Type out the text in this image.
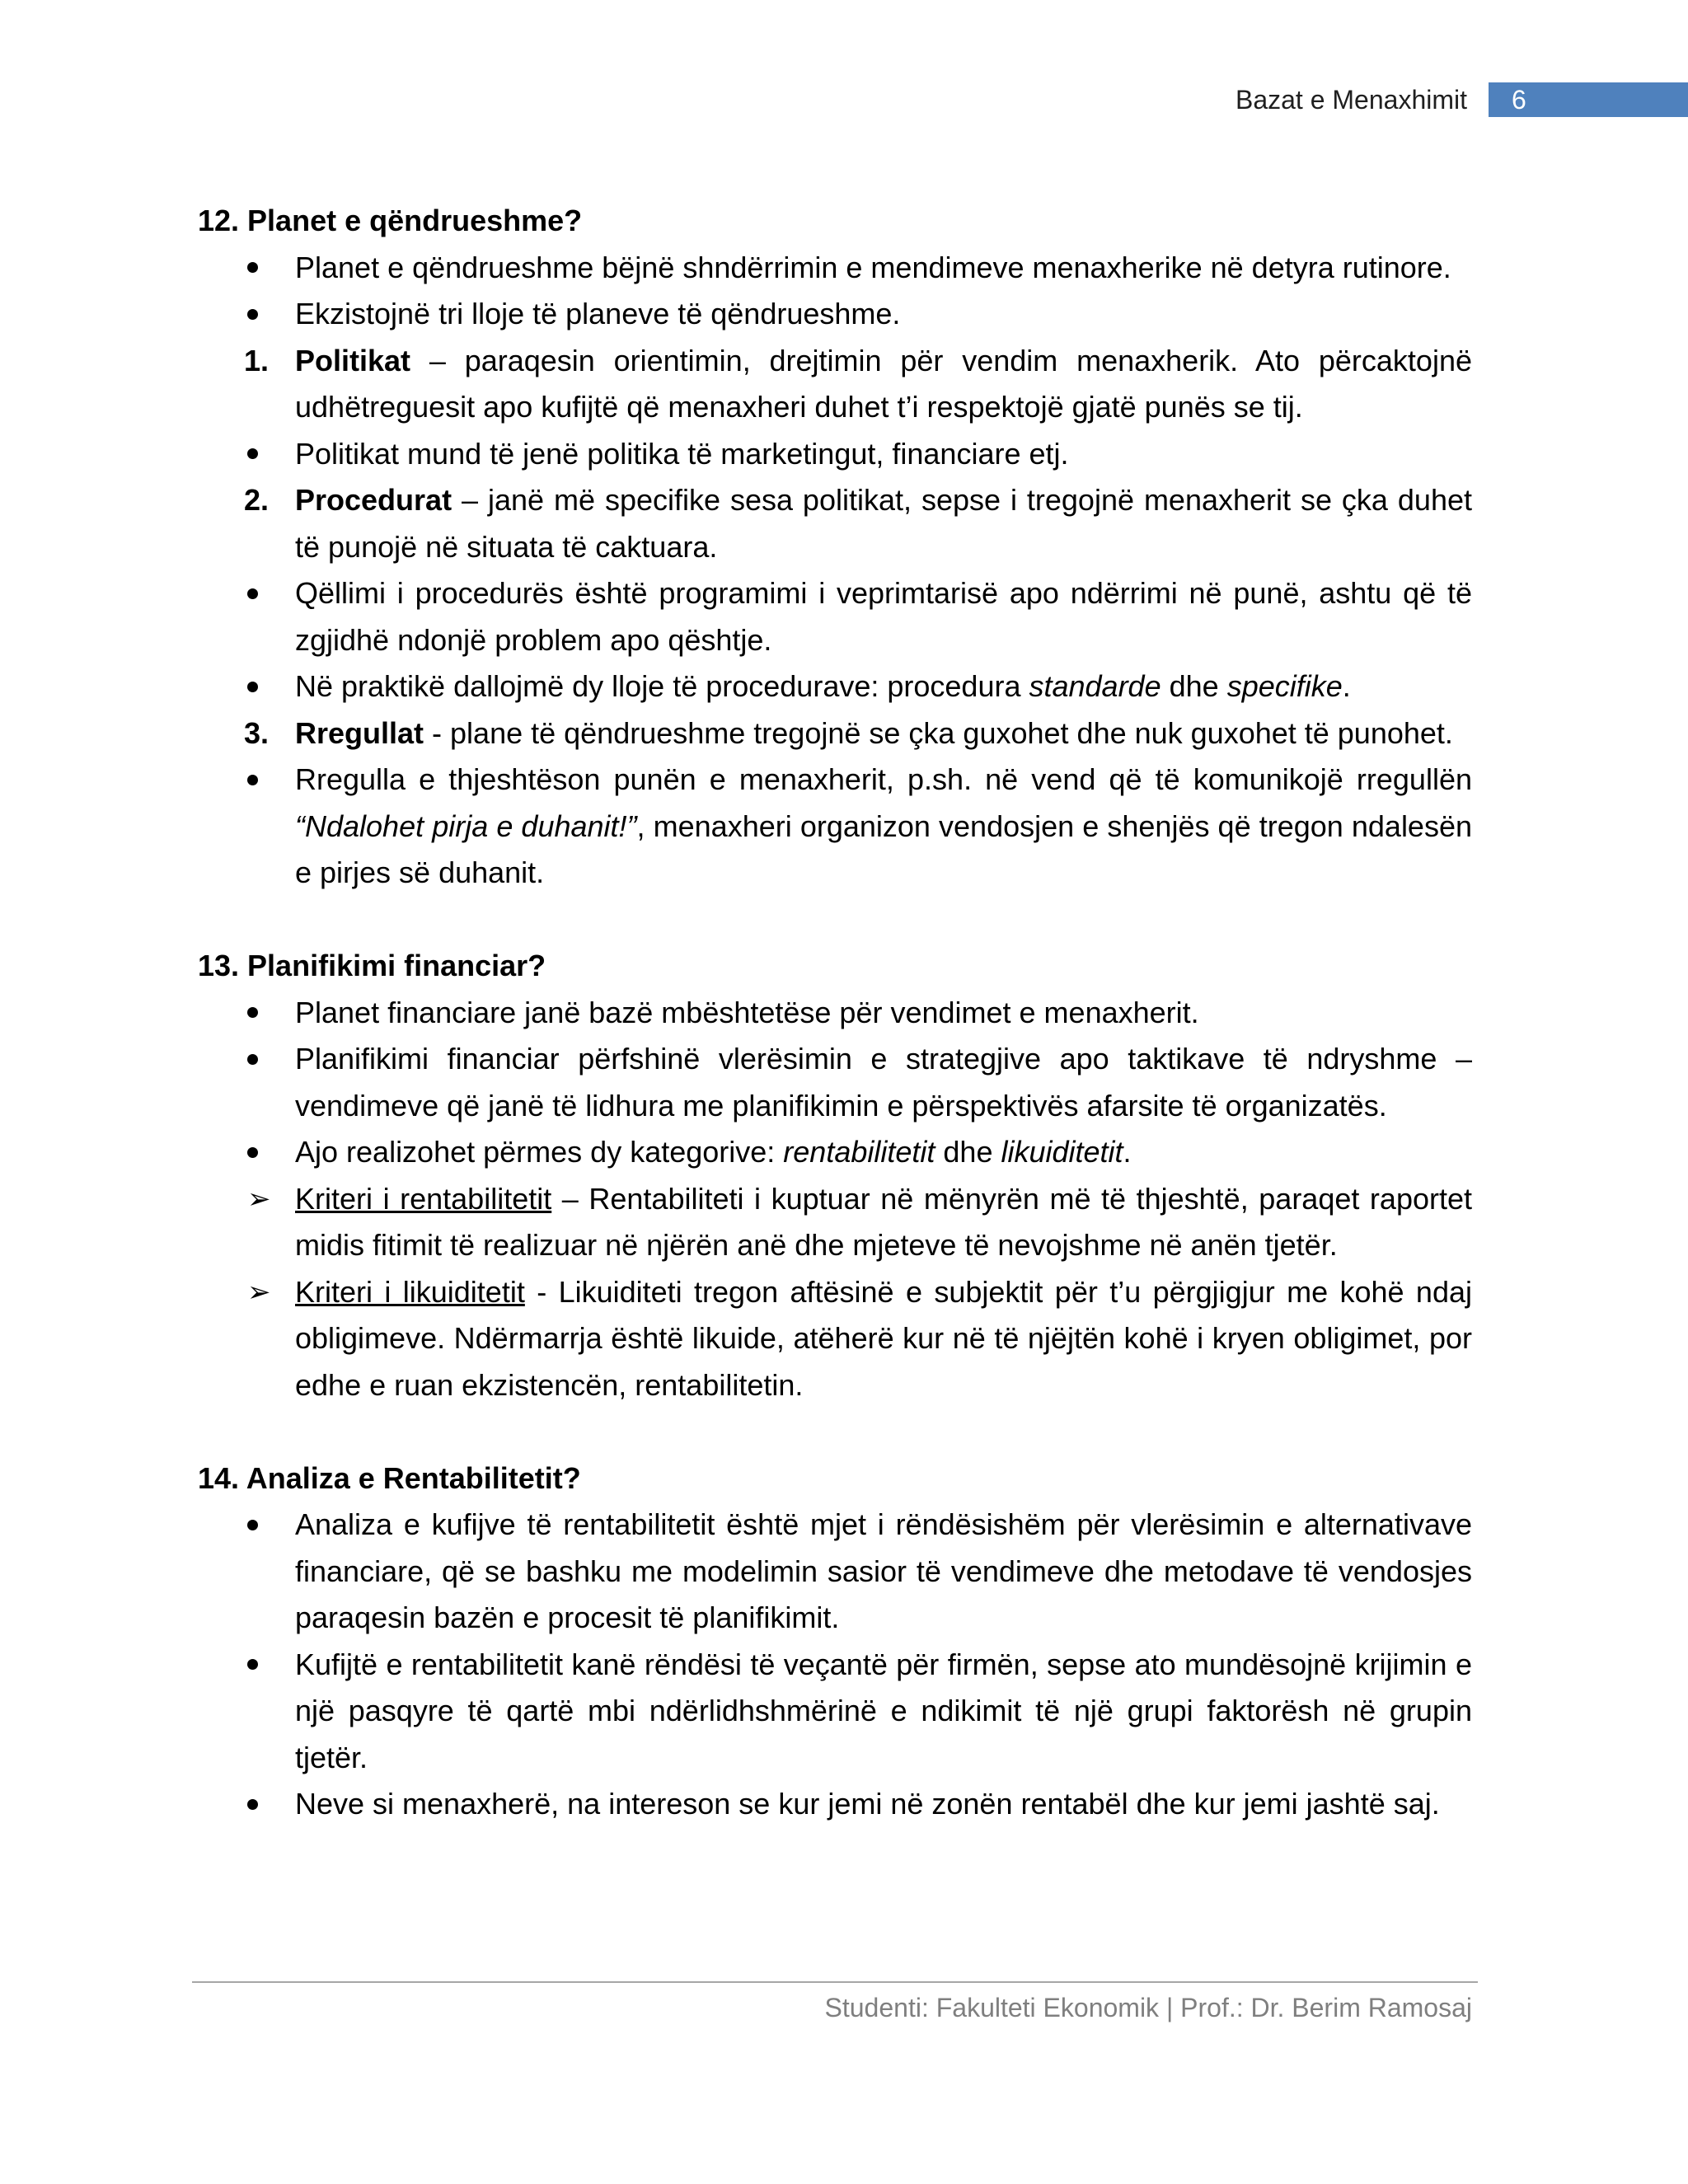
Bazat e Menaxhimit	6
12. Planet e qëndrueshme?
Planet e qëndrueshme bëjnë shndërrimin e mendimeve menaxherike në detyra rutinore.
Ekzistojnë tri lloje të planeve të qëndrueshme.
1. Politikat – paraqesin orientimin, drejtimin për vendim menaxherik. Ato përcaktojnë udhëtreguesit apo kufijtë që menaxheri duhet t’i respektojë gjatë punës se tij.
Politikat mund të jenë politika të marketingut, financiare etj.
2. Procedurat – janë më specifike sesa politikat, sepse i tregojnë menaxherit se çka duhet të punojë në situata të caktuara.
Qëllimi i procedurës është programimi i veprimtarisë apo ndërrimi në punë, ashtu që të zgjidhë ndonjë problem apo qështje.
Në praktikë dallojmë dy lloje të procedurave: procedura standarde dhe specifike.
3. Rregullat - plane të qëndrueshme tregojnë se çka guxohet dhe nuk guxohet të punohet.
Rregulla e thjeshtëson punën e menaxherit, p.sh. në vend që të komunikojë rregullën “Ndalohet pirja e duhanit!”, menaxheri organizon vendosjen e shenjës që tregon ndalesën e pirjes së duhanit.
13. Planifikimi financiar?
Planet financiare janë bazë mbështetëse për vendimet e menaxherit.
Planifikimi financiar përfshinë vlerësimin e strategjive apo taktikave të ndryshme – vendimeve që janë të lidhura me planifikimin e përspektivës afarsite të organizatës.
Ajo realizohet përmes dy kategorive: rentabilitetit dhe likuiditetit.
➢ Kriteri i rentabilitetit – Rentabiliteti i kuptuar në mënyrën më të thjeshtë, paraqet raportet midis fitimit të realizuar në njërën anë dhe mjeteve të nevojshme në anën tjetër.
➢ Kriteri i likuiditetit - Likuiditeti tregon aftësinë e subjektit për t’u përgjigjur me kohë ndaj obligimeve. Ndërmarrja është likuide, atëherë kur në të njëjtën kohë i kryen obligimet, por edhe e ruan ekzistencën, rentabilitetin.
14. Analiza e Rentabilitetit?
Analiza e kufijve të rentabilitetit është mjet i rëndësishëm për vlerësimin e alternativave financiare, që se bashku me modelimin sasior të vendimeve dhe metodave të vendosjes paraqesin bazën e procesit të planifikimit.
Kufijtë e rentabilitetit kanë rëndësi të veçantë për firmën, sepse ato mundësojnë krijimin e një pasqyre të qartë mbi ndërlidhshmërinë e ndikimit të një grupi faktorësh në grupin tjetër.
Neve si menaxherë, na intereson se kur jemi në zonën rentabël dhe kur jemi jashtë saj.
Studenti: Fakulteti Ekonomik | Prof.: Dr. Berim Ramosaj
